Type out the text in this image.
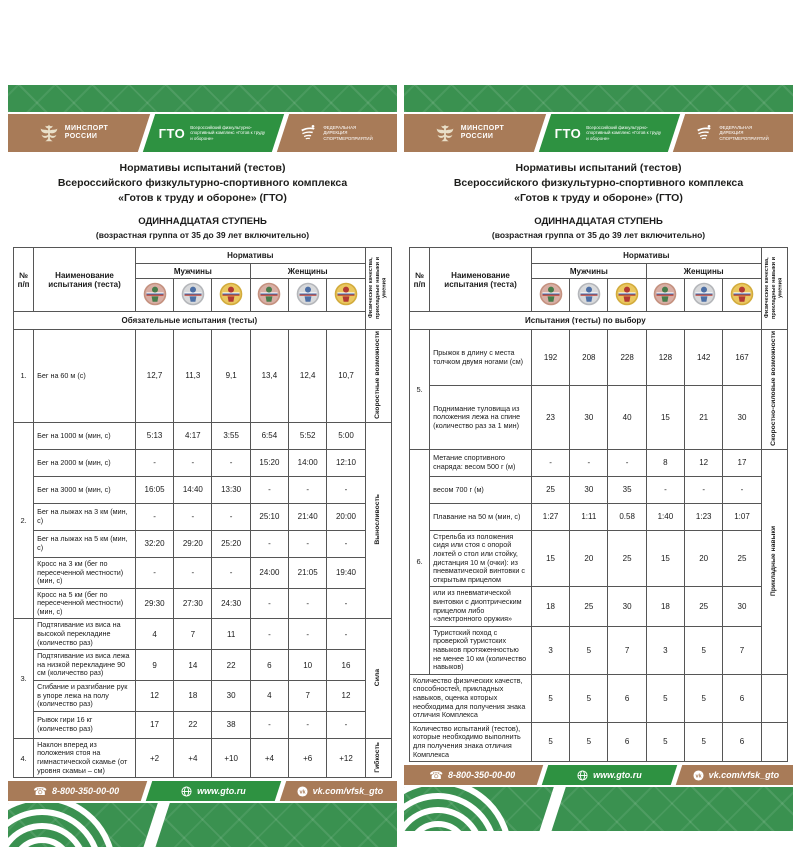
МИНСПОРТ РОССИИ	ГТО Всероссийский физкультурно-спортивный комплекс «Готов к труду и обороне»
ФЕДЕРАЛЬНАЯ ДИРЕКЦИЯ СПОРТМЕРОПРИЯТИЙ
Нормативы испытаний (тестов)
Всероссийского физкультурно-спортивного комплекса
«Готов к труду и обороне» (ГТО)
ОДИННАДЦАТАЯ СТУПЕНЬ
(возрастная группа от 35 до 39 лет включительно)
№ п/п	Наименование испытания (теста)	Нормативы						Физические качества, прикладные навыки и умения
		Мужчины			Женщины			

Обязательные испытания (тесты)								
1.	Бег на 60 м (с)	12,7	11,3	9,1	13,4	12,4	10,7	Скоростные возможности
2.	Бег на 1000 м (мин, с)	5:13	4:17	3:55	6:54	5:52	5:00	Выносливость
	Бег на 2000 м (мин, с)	-	-	-	15:20	14:00	12:10	
	Бег на 3000 м (мин, с)	16:05	14:40	13:30	-	-	-	
	Бег на лыжах на 3 км (мин, с)	-	-	-	25:10	21:40	20:00	
	Бег на лыжах на 5 км (мин, с)	32:20	29:20	25:20	-	-	-	
	Кросс на 3 км (бег по пересеченной местности) (мин, с)	-	-	-	24:00	21:05	19:40	
	Кросс на 5 км (бег по пересеченной местности) (мин, с)	29:30	27:30	24:30	-	-	-	
3.	Подтягивание из виса на высокой перекладине (количество раз)	4	7	11	-	-	-	Сила
	Подтягивание из виса лежа на низкой перекладине 90 см (количество раз)	9	14	22	6	10	16	
	Сгибание и разгибание рук в упоре лежа на полу (количество раз)	12	18	30	4	7	12	
	Рывок гири 16 кг (количество раз)	17	22	38	-	-	-	
4.	Наклон вперед из положения стоя на гимнастической скамье (от уровня скамьи – см)	+2	+4	+10	+4	+6	+12	Гибкость
☎ 8-800-350-00-00	www.gto.ru	vk vk.com/vfsk_gto
МИНСПОРТ РОССИИ	ГТО Всероссийский физкультурно-спортивный комплекс «Готов к труду и обороне»
ФЕДЕРАЛЬНАЯ ДИРЕКЦИЯ СПОРТМЕРОПРИЯТИЙ
Нормативы испытаний (тестов)
Всероссийского физкультурно-спортивного комплекса
«Готов к труду и обороне» (ГТО)
ОДИННАДЦАТАЯ СТУПЕНЬ
(возрастная группа от 35 до 39 лет включительно)
№ п/п	Наименование испытания (теста)	Нормативы						Физические качества, прикладные навыки и умения
		Мужчины			Женщины			

Испытания (тесты) по выбору								
5.	Прыжок в длину с места толчком двумя ногами (см)	192	208	228	128	142	167	Скоростно-силовые возможности
	Поднимание туловища из положения лежа на спине (количество раз за 1 мин)	23	30	40	15	21	30	
6.	Метание спортивного снаряда: весом 500 г (м)	-	-	-	8	12	17	Прикладные навыки
	весом 700 г (м)	25	30	35	-	-	-	
	Плавание на 50 м (мин, с)	1:27	1:11	0.58	1:40	1:23	1:07	
	Стрельба из положения сидя или стоя с опорой локтей о стол или стойку, дистанция 10 м (очки): из пневматической винтовки с открытым прицелом	15	20	25	15	20	25	
	или из пневматической винтовки с диоптрическим прицелом либо «электронного оружия»	18	25	30	18	25	30	
	Туристский поход с проверкой туристских навыков протяженностью не менее 10 км (количество навыков)	3	5	7	3	5	7	
Количество физических качеств, способностей, прикладных навыков, оценка которых необходима для получения знака отличия Комплекса		5	5	6	5	5	6	
Количество испытаний (тестов), которые необходимо выполнить для получения знака отличия Комплекса		5	5	6	5	5	6	
☎ 8-800-350-00-00	www.gto.ru	vk vk.com/vfsk_gto
